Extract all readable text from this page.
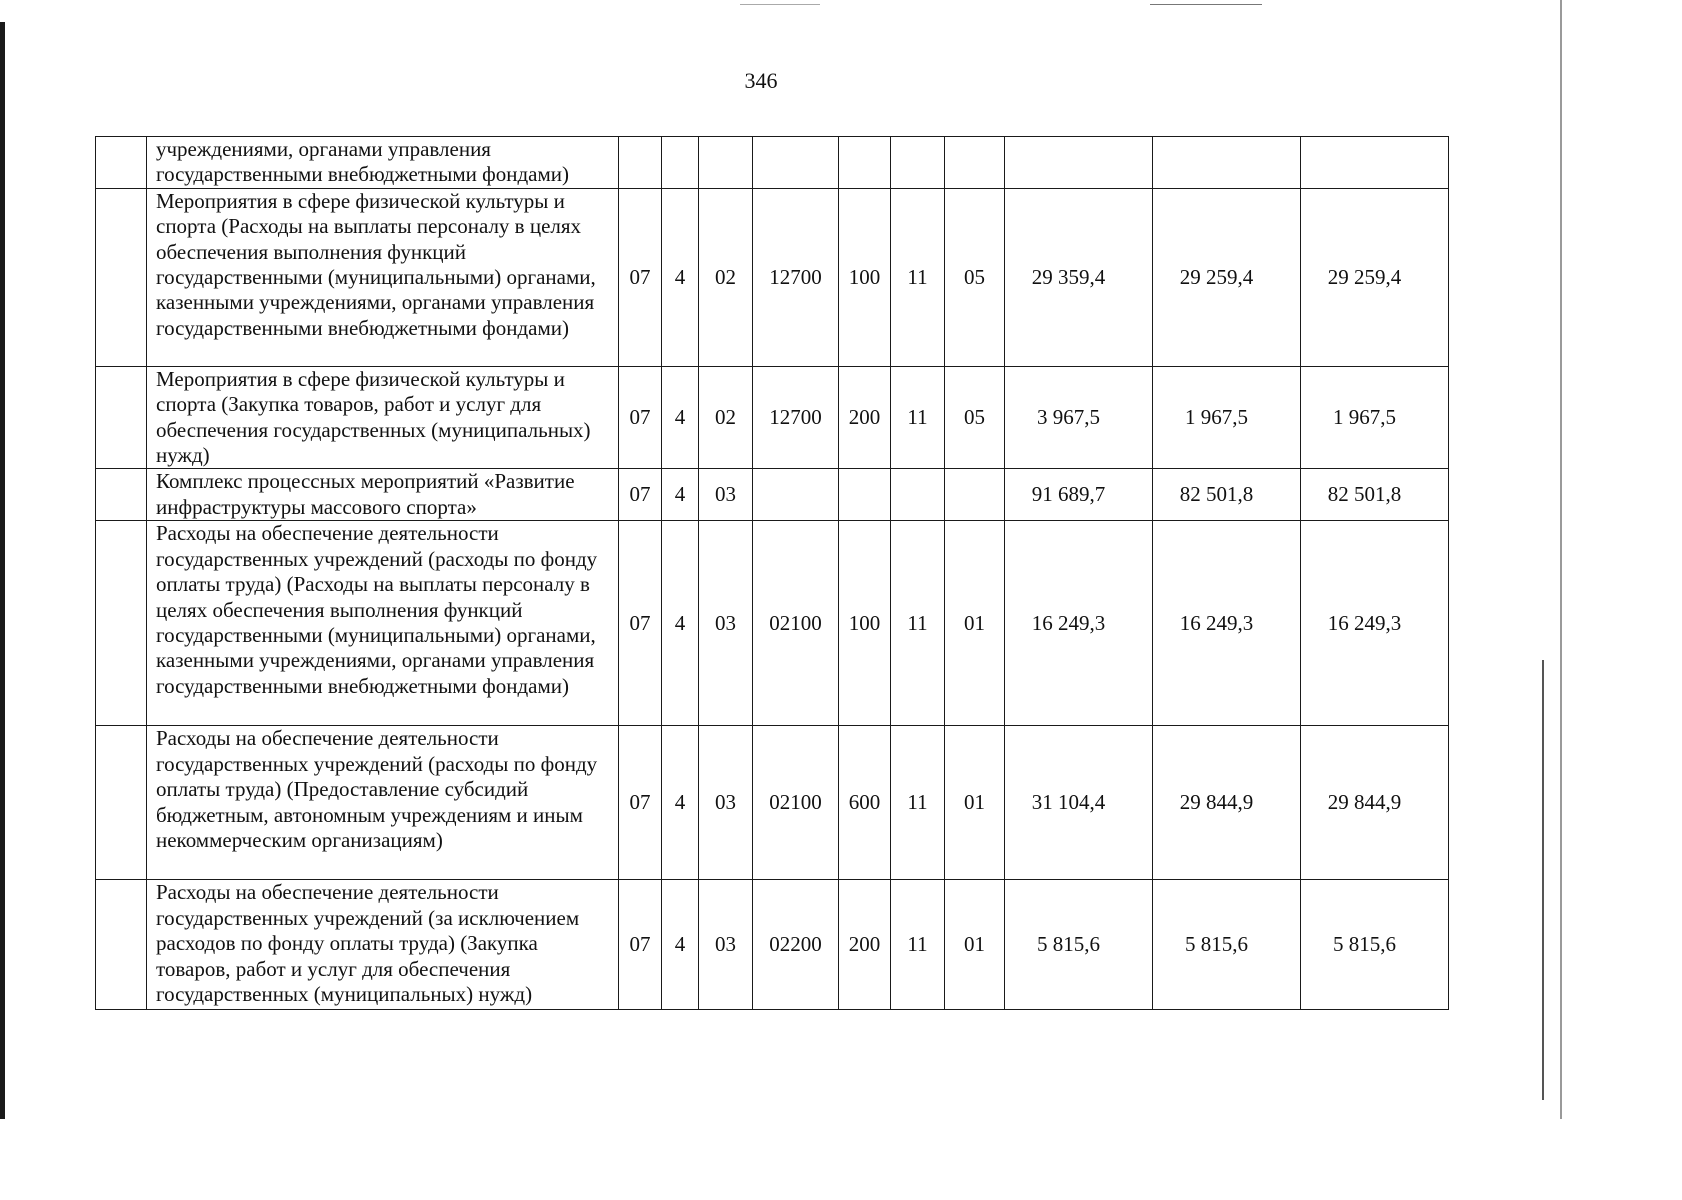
346
	учреждениями, органами управления государственными внебюджетными фондами)										
	Мероприятия в сфере физической культуры и спорта (Расходы на выплаты персоналу в целях обеспечения выполнения функций государственными (муниципальными) органами, казенными учреждениями, органами управления государственными внебюджетными фондами)	07	4	02	12700	100	11	05	29 359,4	29 259,4	29 259,4
	Мероприятия в сфере физической культуры и спорта (Закупка товаров, работ и услуг для обеспечения государственных (муниципальных) нужд)	07	4	02	12700	200	11	05	3 967,5	1 967,5	1 967,5
	Комплекс процессных мероприятий «Развитие инфраструктуры массового спорта»	07	4	03					91 689,7	82 501,8	82 501,8
	Расходы на обеспечение деятельности государственных учреждений (расходы по фонду оплаты труда) (Расходы на выплаты персоналу в целях обеспечения выполнения функций государственными (муниципальными) органами, казенными учреждениями, органами управления государственными внебюджетными фондами)	07	4	03	02100	100	11	01	16 249,3	16 249,3	16 249,3
	Расходы на обеспечение деятельности государственных учреждений (расходы по фонду оплаты труда) (Предоставление субсидий бюджетным, автономным учреждениям и иным некоммерческим организациям)	07	4	03	02100	600	11	01	31 104,4	29 844,9	29 844,9
	Расходы на обеспечение деятельности государственных учреждений (за исключением расходов по фонду оплаты труда) (Закупка товаров, работ и услуг для обеспечения государственных (муниципальных) нужд)	07	4	03	02200	200	11	01	5 815,6	5 815,6	5 815,6
